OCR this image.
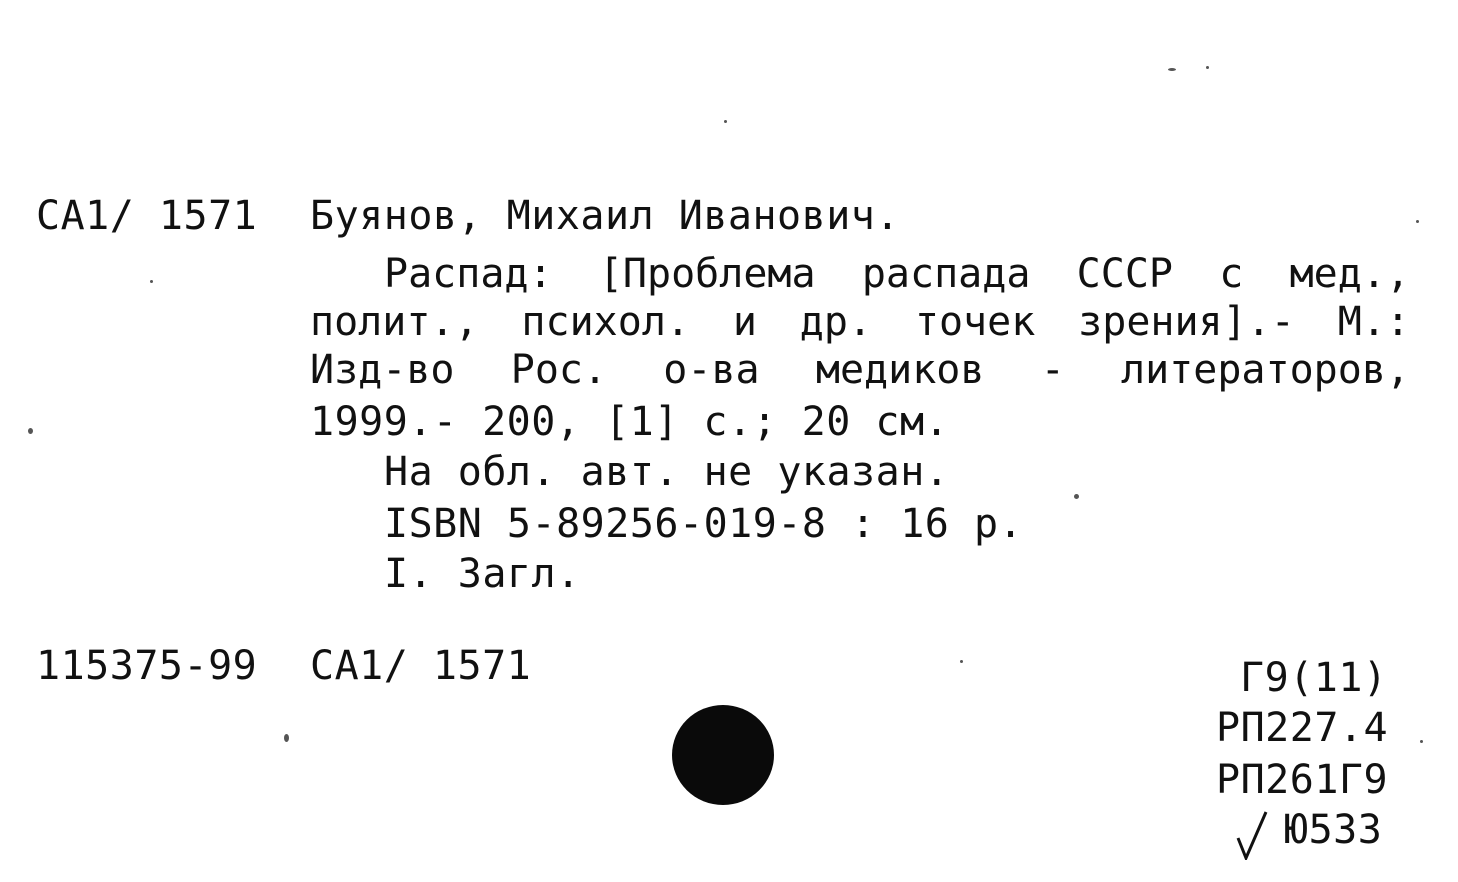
CA1/ 1571 Буянов, Михаил Иванович.
Распад: [Проблема распада СССР с мед.,
полит., психол. и др. точек зрения].- М.:
Изд-во Рос. о-ва медиков - литераторов,
1999.- 200, [1] с.; 20 см.
На обл. авт. не указан.
ISBN 5-89256-019-8 : 16 р.
I. Загл.
115375-99 CA1/ 1571	Г9(11)
РП227.4
РП261Г9
Ю533
